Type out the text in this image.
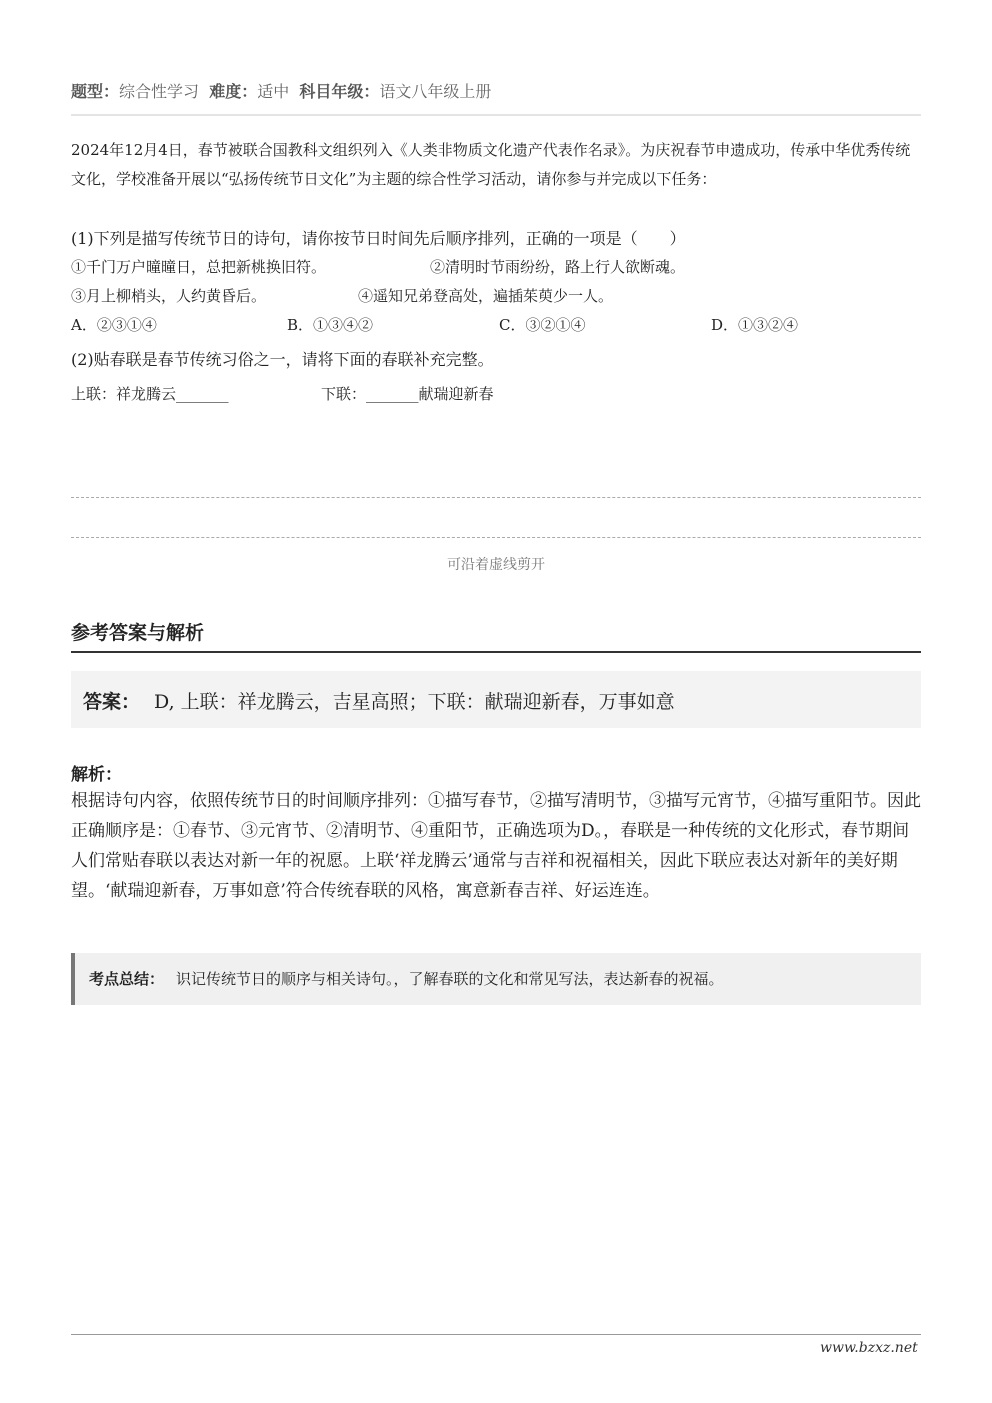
题型：综合性学习 难度：适中 科目年级：语文八年级上册
2024年12月4日，春节被联合国教科文组织列入《人类非物质文化遗产代表作名录》。为庆祝春节申遗成功，传承中华优秀传统文化，学校准备开展以“弘扬传统节日文化”为主题的综合性学习活动，请你参与并完成以下任务：
(1)下列是描写传统节日的诗句，请你按节日时间先后顺序排列，正确的一项是（　　）
①千门万户曈曈日，总把新桃换旧符。	②清明时节雨纷纷，路上行人欲断魂。
③月上柳梢头，人约黄昏后。	④遥知兄弟登高处，遍插茱萸少一人。
A．②③①④	B．①③④②	C．③②①④	D．①③②④
(2)贴春联是春节传统习俗之一，请将下面的春联补充完整。
上联：祥龙腾云_______	下联：_______献瑞迎新春
可沿着虚线剪开
参考答案与解析
答案： D, 上联：祥龙腾云，吉星高照；下联：献瑞迎新春，万事如意
解析：
根据诗句内容，依照传统节日的时间顺序排列：①描写春节，②描写清明节，③描写元宵节，④描写重阳节。因此正确顺序是：①春节、③元宵节、②清明节、④重阳节，正确选项为D。，春联是一种传统的文化形式，春节期间人们常贴春联以表达对新一年的祝愿。上联‘祥龙腾云’通常与吉祥和祝福相关，因此下联应表达对新年的美好期望。‘献瑞迎新春，万事如意’符合传统春联的风格，寓意新春吉祥、好运连连。
考点总结： 识记传统节日的顺序与相关诗句。，了解春联的文化和常见写法，表达新春的祝福。
www.bzxz.net
